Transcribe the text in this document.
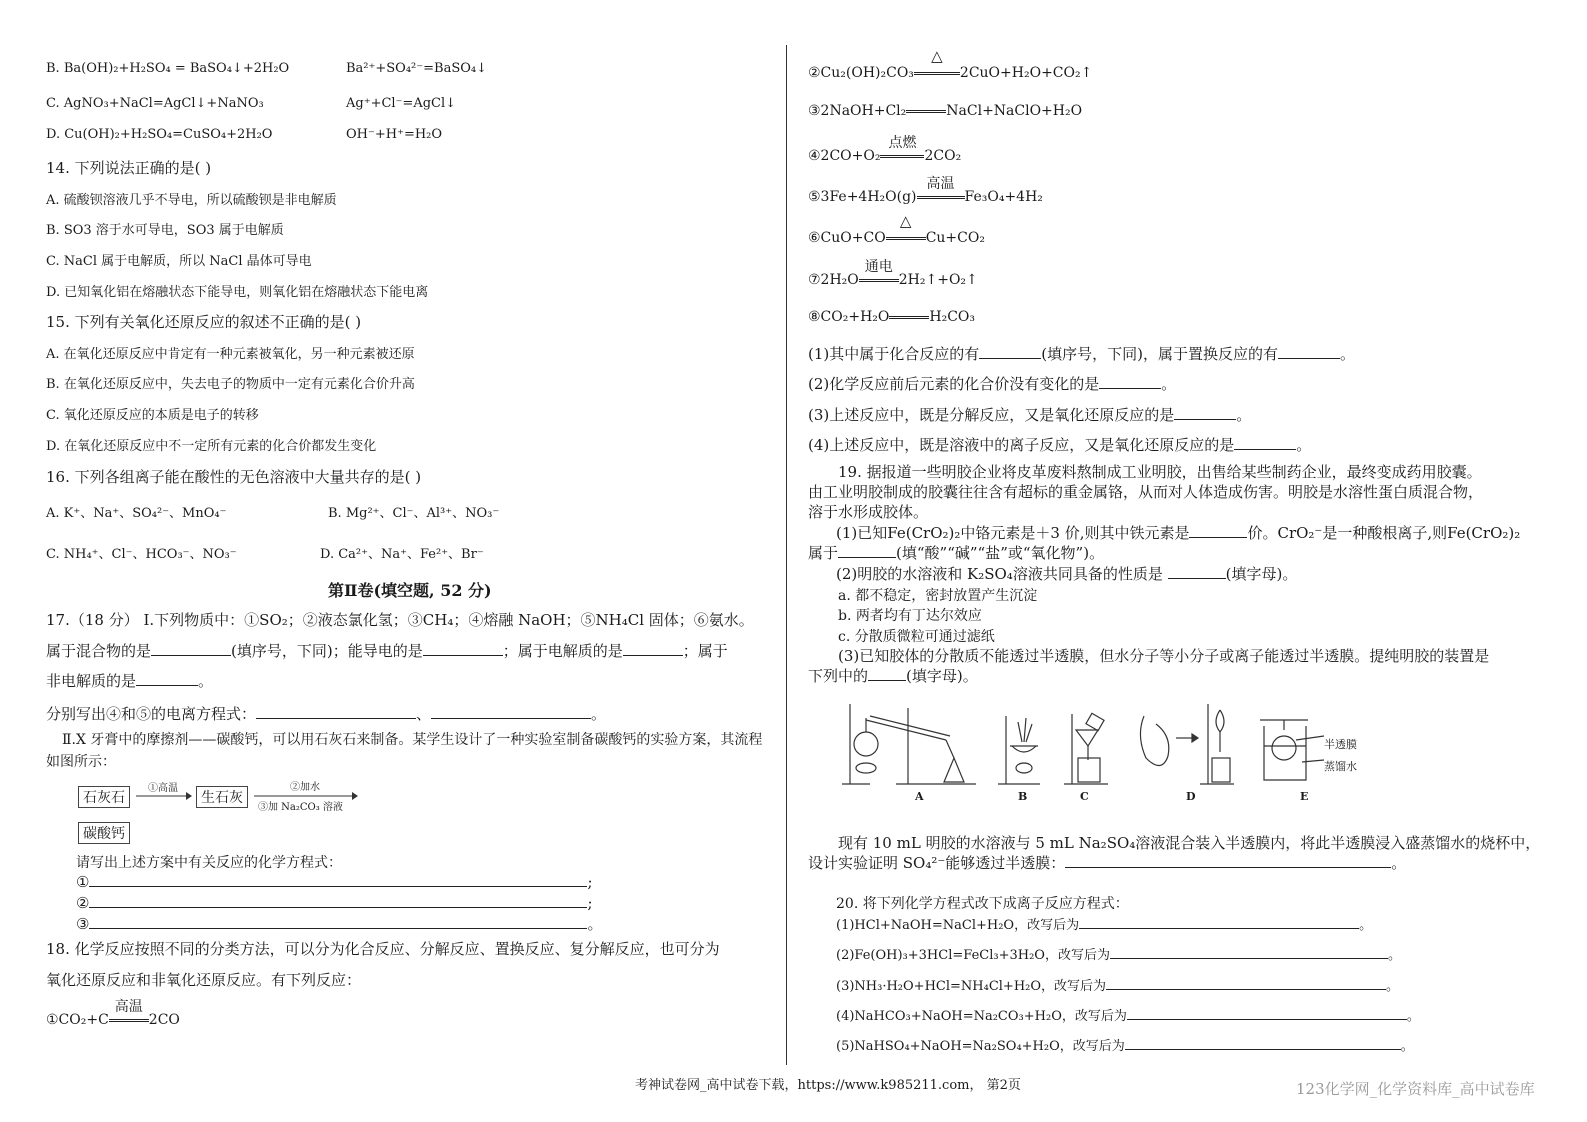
B. Ba(OH)₂+H₂SO₄ = BaSO₄↓+2H₂O	Ba²⁺+SO₄²⁻=BaSO₄↓
C. AgNO₃+NaCl=AgCl↓+NaNO₃	Ag⁺+Cl⁻=AgCl↓
D. Cu(OH)₂+H₂SO₄=CuSO₄+2H₂O	OH⁻+H⁺=H₂O
14. 下列说法正确的是( )
A. 硫酸钡溶液几乎不导电，所以硫酸钡是非电解质
B. SO3 溶于水可导电，SO3 属于电解质
C. NaCl 属于电解质，所以 NaCl 晶体可导电
D. 已知氧化铝在熔融状态下能导电，则氧化铝在熔融状态下能电离
15. 下列有关氧化还原反应的叙述不正确的是( )
A. 在氧化还原反应中肯定有一种元素被氧化，另一种元素被还原
B. 在氧化还原反应中，失去电子的物质中一定有元素化合价升高
C. 氧化还原反应的本质是电子的转移
D. 在氧化还原反应中不一定所有元素的化合价都发生变化
16. 下列各组离子能在酸性的无色溶液中大量共存的是( )
A. K⁺、Na⁺、SO₄²⁻、MnO₄⁻	B. Mg²⁺、Cl⁻、Al³⁺、NO₃⁻
C. NH₄⁺、Cl⁻、HCO₃⁻、NO₃⁻	D. Ca²⁺、Na⁺、Fe²⁺、Br⁻
第Ⅱ卷(填空题, 52 分)
17.（18 分） Ⅰ.下列物质中：①SO₂；②液态氯化氢；③CH₄；④熔融 NaOH；⑤NH₄Cl 固体；⑥氨水。
属于混合物的是	(填序号，下同)；能导电的是	；属于电解质的是	；属于
非电解质的是	。
分别写出④和⑤的电离方程式：	、	。
Ⅱ.X 牙膏中的摩擦剂——碳酸钙，可以用石灰石来制备。某学生设计了一种实验室制备碳酸钙的实验方案，其流程
如图所示：
石灰石
①高温
生石灰
②加水
③加 Na₂CO₃ 溶液
碳酸钙
请写出上述方案中有关反应的化学方程式：
①	;
②	;
③	。
18. 化学反应按照不同的分类方法，可以分为化合反应、分解反应、置换反应、复分解反应，也可分为
氧化还原反应和非氧化还原反应。有下列反应：
①CO₂+C
高温
2CO
②Cu₂(OH)₂CO₃
△
2CuO+H₂O+CO₂↑
③2NaOH+Cl₂	NaCl+NaClO+H₂O
④2CO+O₂
点燃
2CO₂
⑤3Fe+4H₂O(g)
高温
Fe₃O₄+4H₂
⑥CuO+CO
△
Cu+CO₂
⑦2H₂O
通电
2H₂↑+O₂↑
⑧CO₂+H₂O	H₂CO₃
(1)其中属于化合反应的有	(填序号，下同)，属于置换反应的有	。
(2)化学反应前后元素的化合价没有变化的是	。
(3)上述反应中，既是分解反应，又是氧化还原反应的是	。
(4)上述反应中，既是溶液中的离子反应，又是氧化还原反应的是	。
19. 据报道一些明胶企业将皮革废料熬制成工业明胶，出售给某些制药企业，最终变成药用胶囊。
由工业明胶制成的胶囊往往含有超标的重金属铬，从而对人体造成伤害。明胶是水溶性蛋白质混合物，
溶于水形成胶体。
(1)已知Fe(CrO₂)₂中铬元素是＋3 价,则其中铁元素是	价。CrO₂⁻是一种酸根离子,则Fe(CrO₂)₂
属于	(填“酸”“碱”“盐”或“氧化物”)。
(2)明胶的水溶液和 K₂SO₄溶液共同具备的性质是	(填字母)。
a. 都不稳定，密封放置产生沉淀
b. 两者均有丁达尔效应
c. 分散质微粒可通过滤纸
(3)已知胶体的分散质不能透过半透膜，但水分子等小分子或离子能透过半透膜。提纯明胶的装置是
下列中的	(填字母)。
A	B	C	D	E
半透膜
蒸馏水
现有 10 mL 明胶的水溶液与 5 mL Na₂SO₄溶液混合装入半透膜内，将此半透膜浸入盛蒸馏水的烧杯中，
设计实验证明 SO₄²⁻能够透过半透膜：	。
20. 将下列化学方程式改下成离子反应方程式：
(1)HCl+NaOH=NaCl+H₂O，改写后为	。
(2)Fe(OH)₃+3HCl=FeCl₃+3H₂O，改写后为	。
(3)NH₃·H₂O+HCl=NH₄Cl+H₂O，改写后为	。
(4)NaHCO₃+NaOH=Na₂CO₃+H₂O，改写后为	。
(5)NaHSO₄+NaOH=Na₂SO₄+H₂O，改写后为	。
考神试卷网_高中试卷下载，https://www.k985211.com， 第2页	123化学网_化学资料库_高中试卷库
